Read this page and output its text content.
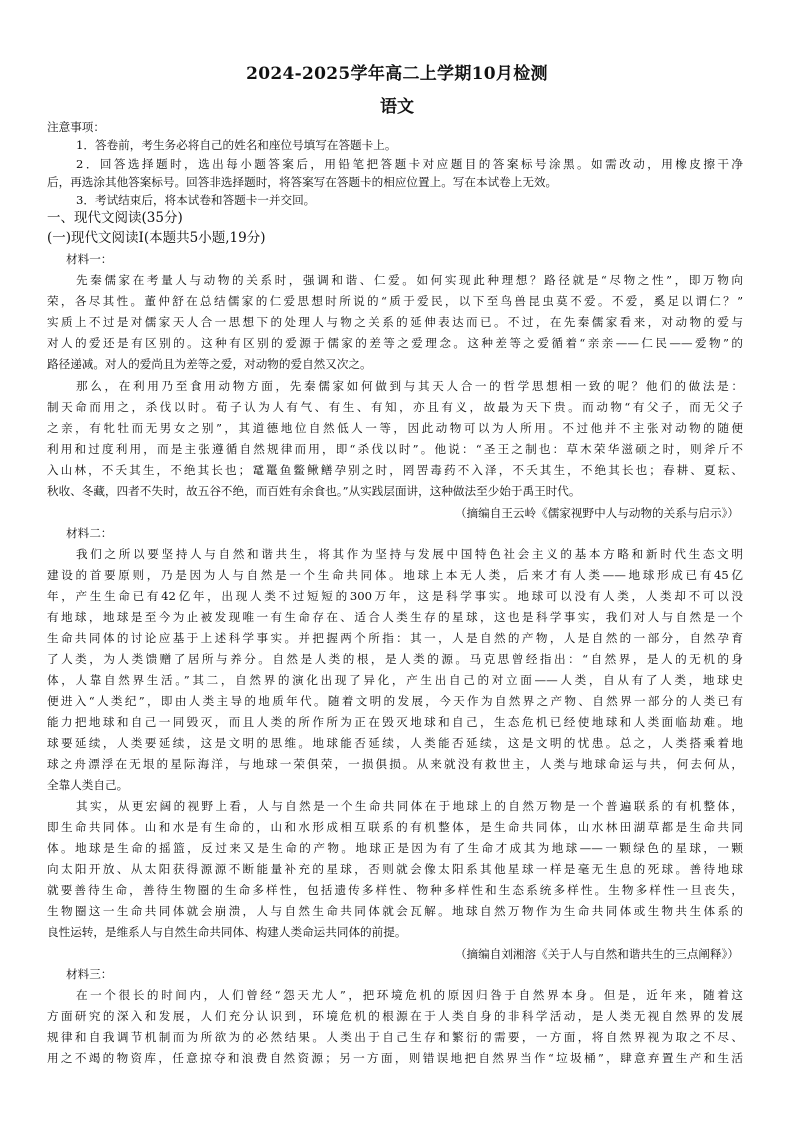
2024-2025学年高二上学期10月检测
语文
注意事项：
1．答卷前，考生务必将自己的姓名和座位号填写在答题卡上。
2．回答选择题时，选出每小题答案后，用铅笔把答题卡对应题目的答案标号涂黑。如需改动，用橡皮擦干净
后，再选涂其他答案标号。回答非选择题时，将答案写在答题卡的相应位置上。写在本试卷上无效。
3．考试结束后，将本试卷和答题卡一并交回。
一、现代文阅读(35分)
(一)现代文阅读Ⅰ(本题共5小题,19分)
材料一：
先秦儒家在考量人与动物的关系时，强调和谐、仁爱。如何实现此种理想？路径就是“尽物之性”，即万物向
荣，各尽其性。董仲舒在总结儒家的仁爱思想时所说的“质于爱民，以下至鸟兽昆虫莫不爱。不爱，奚足以谓仁？”
实质上不过是对儒家天人合一思想下的处理人与物之关系的延伸表达而已。不过，在先秦儒家看来，对动物的爱与
对人的爱还是有区别的。这种有区别的爱源于儒家的差等之爱理念。这种差等之爱循着“亲亲——仁民——爱物”的
路径递减。对人的爱尚且为差等之爱，对动物的爱自然又次之。
那么，在利用乃至食用动物方面，先秦儒家如何做到与其天人合一的哲学思想相一致的呢？他们的做法是：
制天命而用之，杀伐以时。荀子认为人有气、有生、有知，亦且有义，故最为天下贵。而动物“有父子，而无父子
之亲，有牝牡而无男女之别”，其道德地位自然低人一等，因此动物可以为人所用。不过他并不主张对动物的随便
利用和过度利用，而是主张遵循自然规律而用，即“杀伐以时”。他说：“圣王之制也：草木荣华滋硕之时，则斧斤不
入山林，不夭其生，不绝其长也；鼋鼍鱼鳖鳅鳝孕别之时，罔罟毒药不入泽，不夭其生，不绝其长也；春耕、夏耘、
秋收、冬藏，四者不失时，故五谷不绝，而百姓有余食也。”从实践层面讲，这种做法至少始于禹王时代。
（摘编自王云岭《儒家视野中人与动物的关系与启示》）
材料二：
我们之所以要坚持人与自然和谐共生，将其作为坚持与发展中国特色社会主义的基本方略和新时代生态文明
建设的首要原则，乃是因为人与自然是一个生命共同体。地球上本无人类，后来才有人类——地球形成已有45亿
年，产生生命已有42亿年，出现人类不过短短的300万年，这是科学事实。地球可以没有人类，人类却不可以没
有地球，地球是至今为止被发现唯一有生命存在、适合人类生存的星球，这也是科学事实，我们对人与自然是一个
生命共同体的讨论应基于上述科学事实。并把握两个所指：其一，人是自然的产物，人是自然的一部分，自然孕育
了人类，为人类馈赠了居所与养分。自然是人类的根，是人类的源。马克思曾经指出：“自然界，是人的无机的身
体，人靠自然界生活。”其二，自然界的演化出现了异化，产生出自己的对立面——人类，自从有了人类，地球史
便进入“人类纪”，即由人类主导的地质年代。随着文明的发展，今天作为自然界之产物、自然界一部分的人类已有
能力把地球和自己一同毁灭，而且人类的所作所为正在毁灭地球和自己，生态危机已经使地球和人类面临劫难。地
球要延续，人类要延续，这是文明的思维。地球能否延续，人类能否延续，这是文明的忧患。总之，人类搭乘着地
球之舟漂浮在无垠的星际海洋，与地球一荣俱荣，一损俱损。从来就没有救世主，人类与地球命运与共，何去何从，
全靠人类自己。
其实，从更宏阔的视野上看，人与自然是一个生命共同体在于地球上的自然万物是一个普遍联系的有机整体，
即生命共同体。山和水是有生命的，山和水形成相互联系的有机整体，是生命共同体，山水林田湖草都是生命共同
体。地球是生命的摇篮，反过来又是生命的产物。地球正是因为有了生命才成其为地球——一颗绿色的星球，一颗
向太阳开放、从太阳获得源源不断能量补充的星球，否则就会像太阳系其他星球一样是毫无生息的死球。善待地球
就要善待生命，善待生物圈的生命多样性，包括遗传多样性、物种多样性和生态系统多样性。生物多样性一旦丧失，
生物圈这一生命共同体就会崩溃，人与自然生命共同体就会瓦解。地球自然万物作为生命共同体或生物共生体系的
良性运转，是维系人与自然生命共同体、构建人类命运共同体的前提。
（摘编自刘湘溶《关于人与自然和谐共生的三点阐释》）
材料三：
在一个很长的时间内，人们曾经“怨天尤人”，把环境危机的原因归咎于自然界本身。但是，近年来，随着这
方面研究的深入和发展，人们充分认识到，环境危机的根源在于人类自身的非科学活动，是人类无视自然界的发展
规律和自我调节机制而为所欲为的必然结果。人类出于自己生存和繁衍的需要，一方面，将自然界视为取之不尽、
用之不竭的物资库，任意掠夺和浪费自然资源；另一方面，则错误地把自然界当作“垃圾桶”，肆意弃置生产和生活
